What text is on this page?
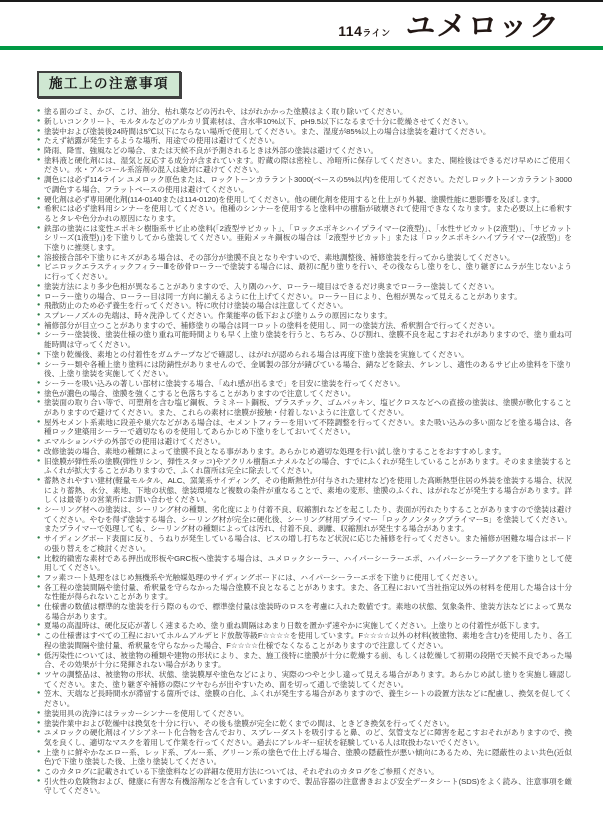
114ライン ユメロック
施工上の注意事項
● 塗る面のゴミ、かび、こけ、油分、枯れ葉などの汚れや、はがれかかった塗膜はよく取り除いてください。
● 新しいコンクリート、モルタルなどのアルカリ質素材は、含水率10%以下、pH9.5以下になるまで十分に乾燥させてください。
● 塗装中および塗装後24時間は5℃以下にならない場所で使用してください。また、湿度が85%以上の場合は塗装を避けてください。
● たえず結露が発生するような場所、用途での使用は避けてください。
● 降雨、降雪、強風などの場合、または天候不良が予測されるときは外部の塗装は避けてください。
● 塗料液と硬化剤には、湿気と反応する成分が含まれています。貯蔵の際は密栓し、冷暗所に保存してください。また、開栓後はできるだけ早めにご使用ください。水・アルコール系溶剤の混入は絶対に避けてください。
● 調色には必ず114ライン ユメロック原色または、ロックトーンカララント3000(ベースの5%以内)を使用してください。ただしロックトーンカララント3000で調色する場合、フラットベースの使用は避けてください。
● 硬化剤は必ず専用硬化剤(114-0140または114-0120)を使用してください。他の硬化剤を使用すると仕上がり外観、塗膜性能に悪影響を及ぼします。
● 希釈には必ず塗料用シンナーを使用してください。他種のシンナーを使用すると塗料中の樹脂が破壊されて使用できなくなります。また必要以上に希釈するとタレや色分かれの原因になります。
● 鉄部の塗装には変性エポキシ樹脂系サビ止め塗料(「2液型サビカット」、「ロックエポキシハイプライマー(2液型)」、「水性サビカット(2液型)」、「サビカットシリーズ(1液型)」)を下塗りしてから塗装してください。亜鉛メッキ鋼板の場合は「2液型サビカット」または「ロックエポキシハイプライマー(2液型)」を下塗りに推奨します。
● 溶接接合部や下塗りにキズがある場合は、その部分が塗膜不良となりやすいので、素地調整後、補修塗装を行ってから塗装してください。
● ビニロックエラスティックフィラーⅢを砂骨ローラーで塗装する場合には、最初に配り塗りを行い、その後ならし塗りをし、塗り継ぎにムラが生じないように行ってください。
● 塗装方法により多少色相が異なることがありますので、入り隅のハケ、ローラー境目はできるだけ奥までローラー塗装してください。
● ローラー塗りの場合、ローラー目は同一方向に揃えるように仕上げてください。ローラー目により、色相が異なって見えることがあります。
● 飛散防止のため必ず養生を行ってください。特に吹付け塗装の場合は注意してください。
● スプレーノズルの先端は、時々洗浄してください。作業能率の低下および塗りムラの原因になります。
● 補修部分が目立つことがありますので、補修塗りの場合は同一ロットの塗料を使用し、同一の塗装方法、希釈割合で行ってください。
● シーラー塗装後、塗装仕様の塗り重ね可能時間よりも早く上塗り塗装を行うと、ちぢみ、ひび割れ、塗膜不良を起こすおそれがありますので、塗り重ね可能時間は守ってください。
● 下塗り乾燥後、素地との付着性をガムテープなどで確認し、はがれが認められる場合は再度下塗り塗装を実施してください。
● シーラー類や各種上塗り塗料には防錆性がありませんので、金属製の部分が錆びている場合、錆などを除去、ケレンし、適性のあるサビ止め塗料を下塗り後、上塗り塗装を実施してください。
● シーラーを吸い込みの著しい部材に塗装する場合、「ぬれ感が出るまで」を目安に塗装を行ってください。
● 塗色が濃色の場合、塗膜を強くこすると色落ちすることがありますので注意してください。
● 塗装面の取り合い等で、可塑剤を含む塩ビ鋼板、ラミネート鋼板、プラスチック、ゴムパッキン、塩ビクロスなどへの直接の塗装は、塗膜が軟化することがありますので避けてください。また、これらの素材に塗膜が接触・付着しないように注意してください。
● 屋外セメント系素地に段差や巣穴などがある場合は、セメントフィラーを用いて不陸調整を行ってください。また吸い込みの多い面などを塗る場合は、各種ロック建築用シーラーで適切なものを使用してあらかじめ下塗りをしておいてください。
● エマルションパテの外部での使用は避けてください。
● 改修塗装の場合、素地の種類によって塗膜不良となる事があります。あらかじめ適切な処理を行い試し塗りすることをおすすめします。
● 旧塗膜が弾性系の塗膜(弾性リシン、弾性スタッコ)やアクリル樹脂エナメルなどの場合、すでにふくれが発生していることがあります。そのまま塗装するとふくれが拡大することがありますので、ふくれ箇所は完全に除去してください。
● 蓄熱されやすい建材(軽量モルタル、ALC、窯業系サイディング、その他断熱性が付与された建材など)を使用した高断熱型住居の外装を塗装する場合、状況により蓄熱、水分、素地、下地の状態、塗装環境など複数の条件が重なることで、素地の変形、塗膜のふくれ、はがれなどが発生する場合があります。詳しくは最寄りの営業所にお問い合わせください。
● シーリング材への塗装は、シーリング材の種類、劣化度により付着不良、収縮割れなどを起こしたり、表面が汚れたりすることがありますので塗装は避けてください。やむを得ず塗装する場合、シーリング材が完全に硬化後、シーリング材用プライマー「ロックノンタックプライマーS」を塗装してください。またプライマーで処理しても、シーリング材の種類によっては汚れ、付着不良、剥離、収縮割れが発生する場合があります。
● サイディングボード表面に反り、うねりが発生している場合は、ビスの増し打ちなど状況に応じた補修を行ってください。また補修が困難な場合はボードの張り替えをご検討ください。
● 比較的緻密な素材である押出成形板やGRC板へ塗装する場合は、ユメロックシーラー、ハイパーシーラーエポ、ハイパーシーラーアクアを下塗りとして使用してください。
● フッ素コート処理をはじめ無機系や光触媒処理のサイディングボードには、ハイパーシーラーエポを下塗りに使用してください。
● 各工程の塗装間隔や塗付量、希釈量を守らなかった場合塗膜不良となることがあります。また、各工程において当社指定以外の材料を使用した場合は十分な性能が得られないことがあります。
● 仕様書の数値は標準的な塗装を行う際のもので、標準塗付量は塗装時のロスを考慮に入れた数値です。素地の状態、気象条件、塗装方法などによって異なる場合があります。
● 夏場の高温時は、硬化反応が著しく速まるため、塗り重ね間隔はあまり日数を置かず速やかに実施してください。上塗りとの付着性が低下します。
● この仕様書はすべての工程においてホルムアルデヒド放散等級F☆☆☆☆を使用しています。F☆☆☆☆以外の材料(被塗物、素地を含む)を使用したり、各工程の塗装間隔や塗付量、希釈量を守らなかった場合、F☆☆☆☆仕様でなくなることがありますので注意してください。
● 低汚染性については、被塗物の種類や建物の形状により、また、施工後特に塗膜が十分に乾燥する前、もしくは乾燥して初期の段階で天候不良であった場合、その効果が十分に発揮されない場合があります。
● ツヤの調整品は、被塗物の形状、状態、塗装膜厚や塗色などにより、実際のつやと少し違って見える場合があります。あらかじめ試し塗りを実施し確認してください。また、塗り継ぎや補修の際にツヤむらが出やすいため、面を切って通しで塗装してください。
● 笠木、天端など長時間水が滞留する箇所では、塗膜の白化、ふくれが発生する場合がありますので、養生シートの設置方法などに配慮し、換気を促してください。
● 塗装用具の洗浄にはラッカーシンナーを使用してください。
● 塗装作業中および乾燥中は換気を十分に行い、その後も塗膜が完全に乾くまでの間は、ときどき換気を行ってください。
● ユメロックの硬化剤はイソシアネート化合物を含んでおり、スプレーダストを吸引すると鼻、のど、気管支などに障害を起こすおそれがありますので、換気を良くし、適切なマスクを着用して作業を行ってください。過去にアレルギー症状を経験している人は取扱わないでください。
● 上塗りに鮮やかなエロー系、レッド系、ブルー系、グリーン系の塗色で仕上げる場合、塗膜の隠蔽性が悪い傾向にあるため、先に隠蔽性のよい共色(近似色)で下塗り塗装した後、上塗り塗装してください。
● このカタログに記載されている下塗塗料などの詳細な使用方法については、それぞれのカタログをご参照ください。
● 引火性の危険物および、健康に有害な有機溶剤などを含有していますので、製品容器の注意書きおよび安全データシート(SDS)をよく読み、注意事項を厳守してください。
